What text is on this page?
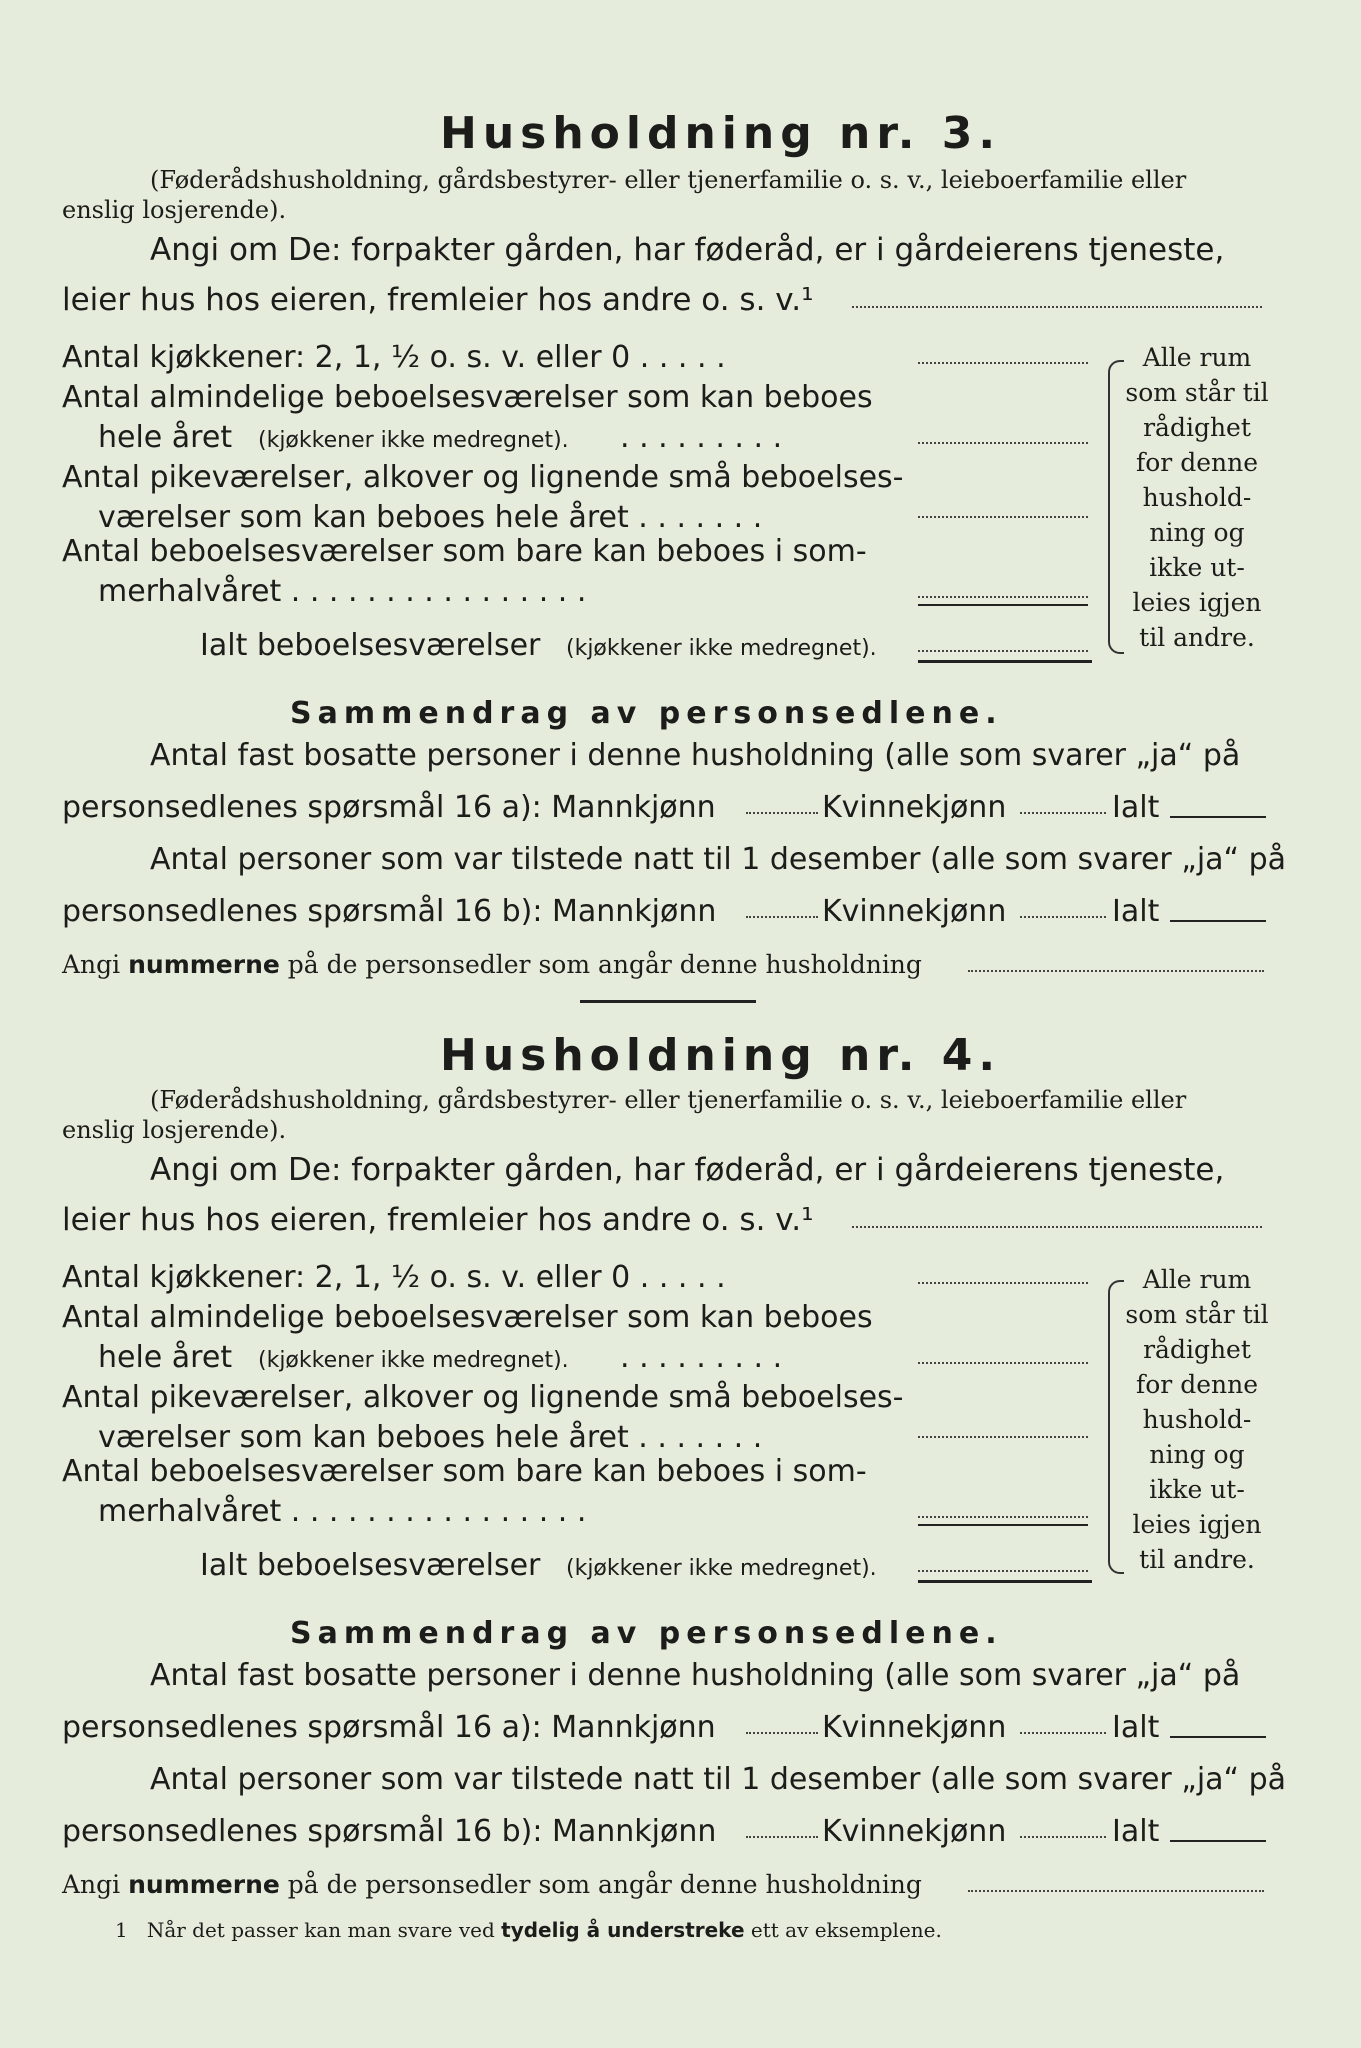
Husholdning nr. 3.
(Føderådshusholdning, gårdsbestyrer- eller tjenerfamilie o. s. v., leieboerfamilie eller
enslig losjerende).
Angi om De: forpakter gården, har føderåd, er i gårdeierens tjeneste,
leier hus hos eieren, fremleier hos andre o. s. v.¹
Antal kjøkkener: 2, 1, ½ o. s. v. eller 0 . . . . .
Antal almindelige beboelsesværelser som kan beboes
hele året (kjøkkener ikke medregnet). . . . . . . . . .
Antal pikeværelser, alkover og lignende små beboelses-
værelser som kan beboes hele året . . . . . . .
Antal beboelsesværelser som bare kan beboes i som-
merhalvåret . . . . . . . . . . . . . . . .
Ialt beboelsesværelser (kjøkkener ikke medregnet).
Alle rum
som står til
rådighet
for denne
hushold-
ning og
ikke ut-
leies igjen
til andre.
Sammendrag av personsedlene.
Antal fast bosatte personer i denne husholdning (alle som svarer „ja“ på
personsedlenes spørsmål 16 a): Mannkjønn	Kvinnekjønn	Ialt
Antal personer som var tilstede natt til 1 desember (alle som svarer „ja“ på
personsedlenes spørsmål 16 b): Mannkjønn	Kvinnekjønn	Ialt
Angi nummerne på de personsedler som angår denne husholdning
Husholdning nr. 4.
(Føderådshusholdning, gårdsbestyrer- eller tjenerfamilie o. s. v., leieboerfamilie eller
enslig losjerende).
Angi om De: forpakter gården, har føderåd, er i gårdeierens tjeneste,
leier hus hos eieren, fremleier hos andre o. s. v.¹
Antal kjøkkener: 2, 1, ½ o. s. v. eller 0 . . . . .
Antal almindelige beboelsesværelser som kan beboes
hele året (kjøkkener ikke medregnet). . . . . . . . . .
Antal pikeværelser, alkover og lignende små beboelses-
værelser som kan beboes hele året . . . . . . .
Antal beboelsesværelser som bare kan beboes i som-
merhalvåret . . . . . . . . . . . . . . . .
Ialt beboelsesværelser (kjøkkener ikke medregnet).
Alle rum
som står til
rådighet
for denne
hushold-
ning og
ikke ut-
leies igjen
til andre.
Sammendrag av personsedlene.
Antal fast bosatte personer i denne husholdning (alle som svarer „ja“ på
personsedlenes spørsmål 16 a): Mannkjønn	Kvinnekjønn	Ialt
Antal personer som var tilstede natt til 1 desember (alle som svarer „ja“ på
personsedlenes spørsmål 16 b): Mannkjønn	Kvinnekjønn	Ialt
Angi nummerne på de personsedler som angår denne husholdning
1 Når det passer kan man svare ved tydelig å understreke ett av eksemplene.
